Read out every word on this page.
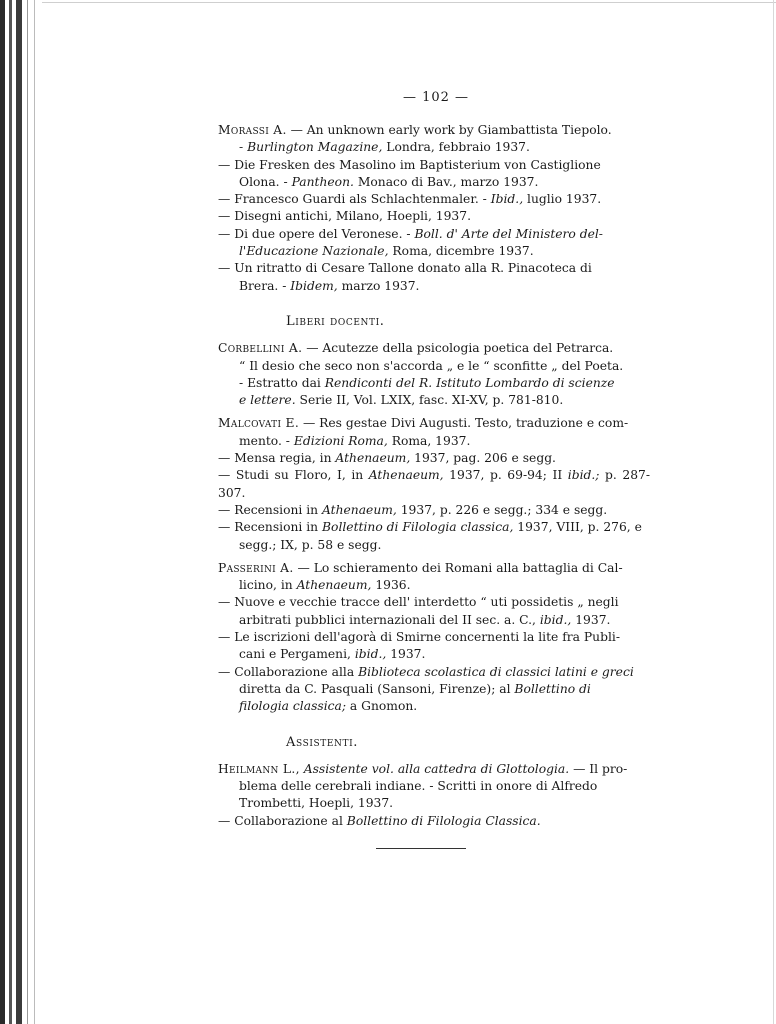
— 102 —

Morassi A. — An unknown early work by Giambattista Tiepolo.
- Burlington Magazine, Londra, febbraio 1937.

— Die Fresken des Masolino im Baptisterium von Castiglione
Olona. - Pantheon. Monaco di Bav., marzo 1937.

— Francesco Guardi als Schlachtenmaler. - Ibid., luglio 1937.

— Disegni antichi, Milano, Hoepli, 1937.

— Di due opere del Veronese. - Boll. d' Arte del Ministero del-
l'Educazione Nazionale, Roma, dicembre 1937.

— Un ritratto di Cesare Tallone donato alla R. Pinacoteca di
Brera. - Ibidem, marzo 1937.

Liberi docenti.

Corbellini A. — Acutezze della psicologia poetica del Petrarca.
“ Il desio che seco non s'accorda „ e le “ sconfitte „ del Poeta.
- Estratto dai Rendiconti del R. Istituto Lombardo di scienze
e lettere. Serie II, Vol. LXIX, fasc. XI-XV, p. 781-810.

Malcovati E. — Res gestae Divi Augusti. Testo, traduzione e com-
mento. - Edizioni Roma, Roma, 1937.

— Mensa regia, in Athenaeum, 1937, pag. 206 e segg.

— Studi su Floro, I, in Athenaeum, 1937, p. 69-94; II ibid.; p. 287-307.

— Recensioni in Athenaeum, 1937, p. 226 e segg.; 334 e segg.

— Recensioni in Bollettino di Filologia classica, 1937, VIII, p. 276, e
segg.; IX, p. 58 e segg.

Passerini A. — Lo schieramento dei Romani alla battaglia di Cal-
licino, in Athenaeum, 1936.

— Nuove e vecchie tracce dell' interdetto “ uti possidetis „ negli
arbitrati pubblici internazionali del II sec. a. C., ibid., 1937.

— Le iscrizioni dell'agorà di Smirne concernenti la lite fra Publi-
cani e Pergameni, ibid., 1937.

— Collaborazione alla Biblioteca scolastica di classici latini e greci
diretta da C. Pasquali (Sansoni, Firenze); al Bollettino di
filologia classica; a Gnomon.

Assistenti.

Heilmann L., Assistente vol. alla cattedra di Glottologia. — Il pro-
blema delle cerebrali indiane. - Scritti in onore di Alfredo
Trombetti, Hoepli, 1937.

— Collaborazione al Bollettino di Filologia Classica.
